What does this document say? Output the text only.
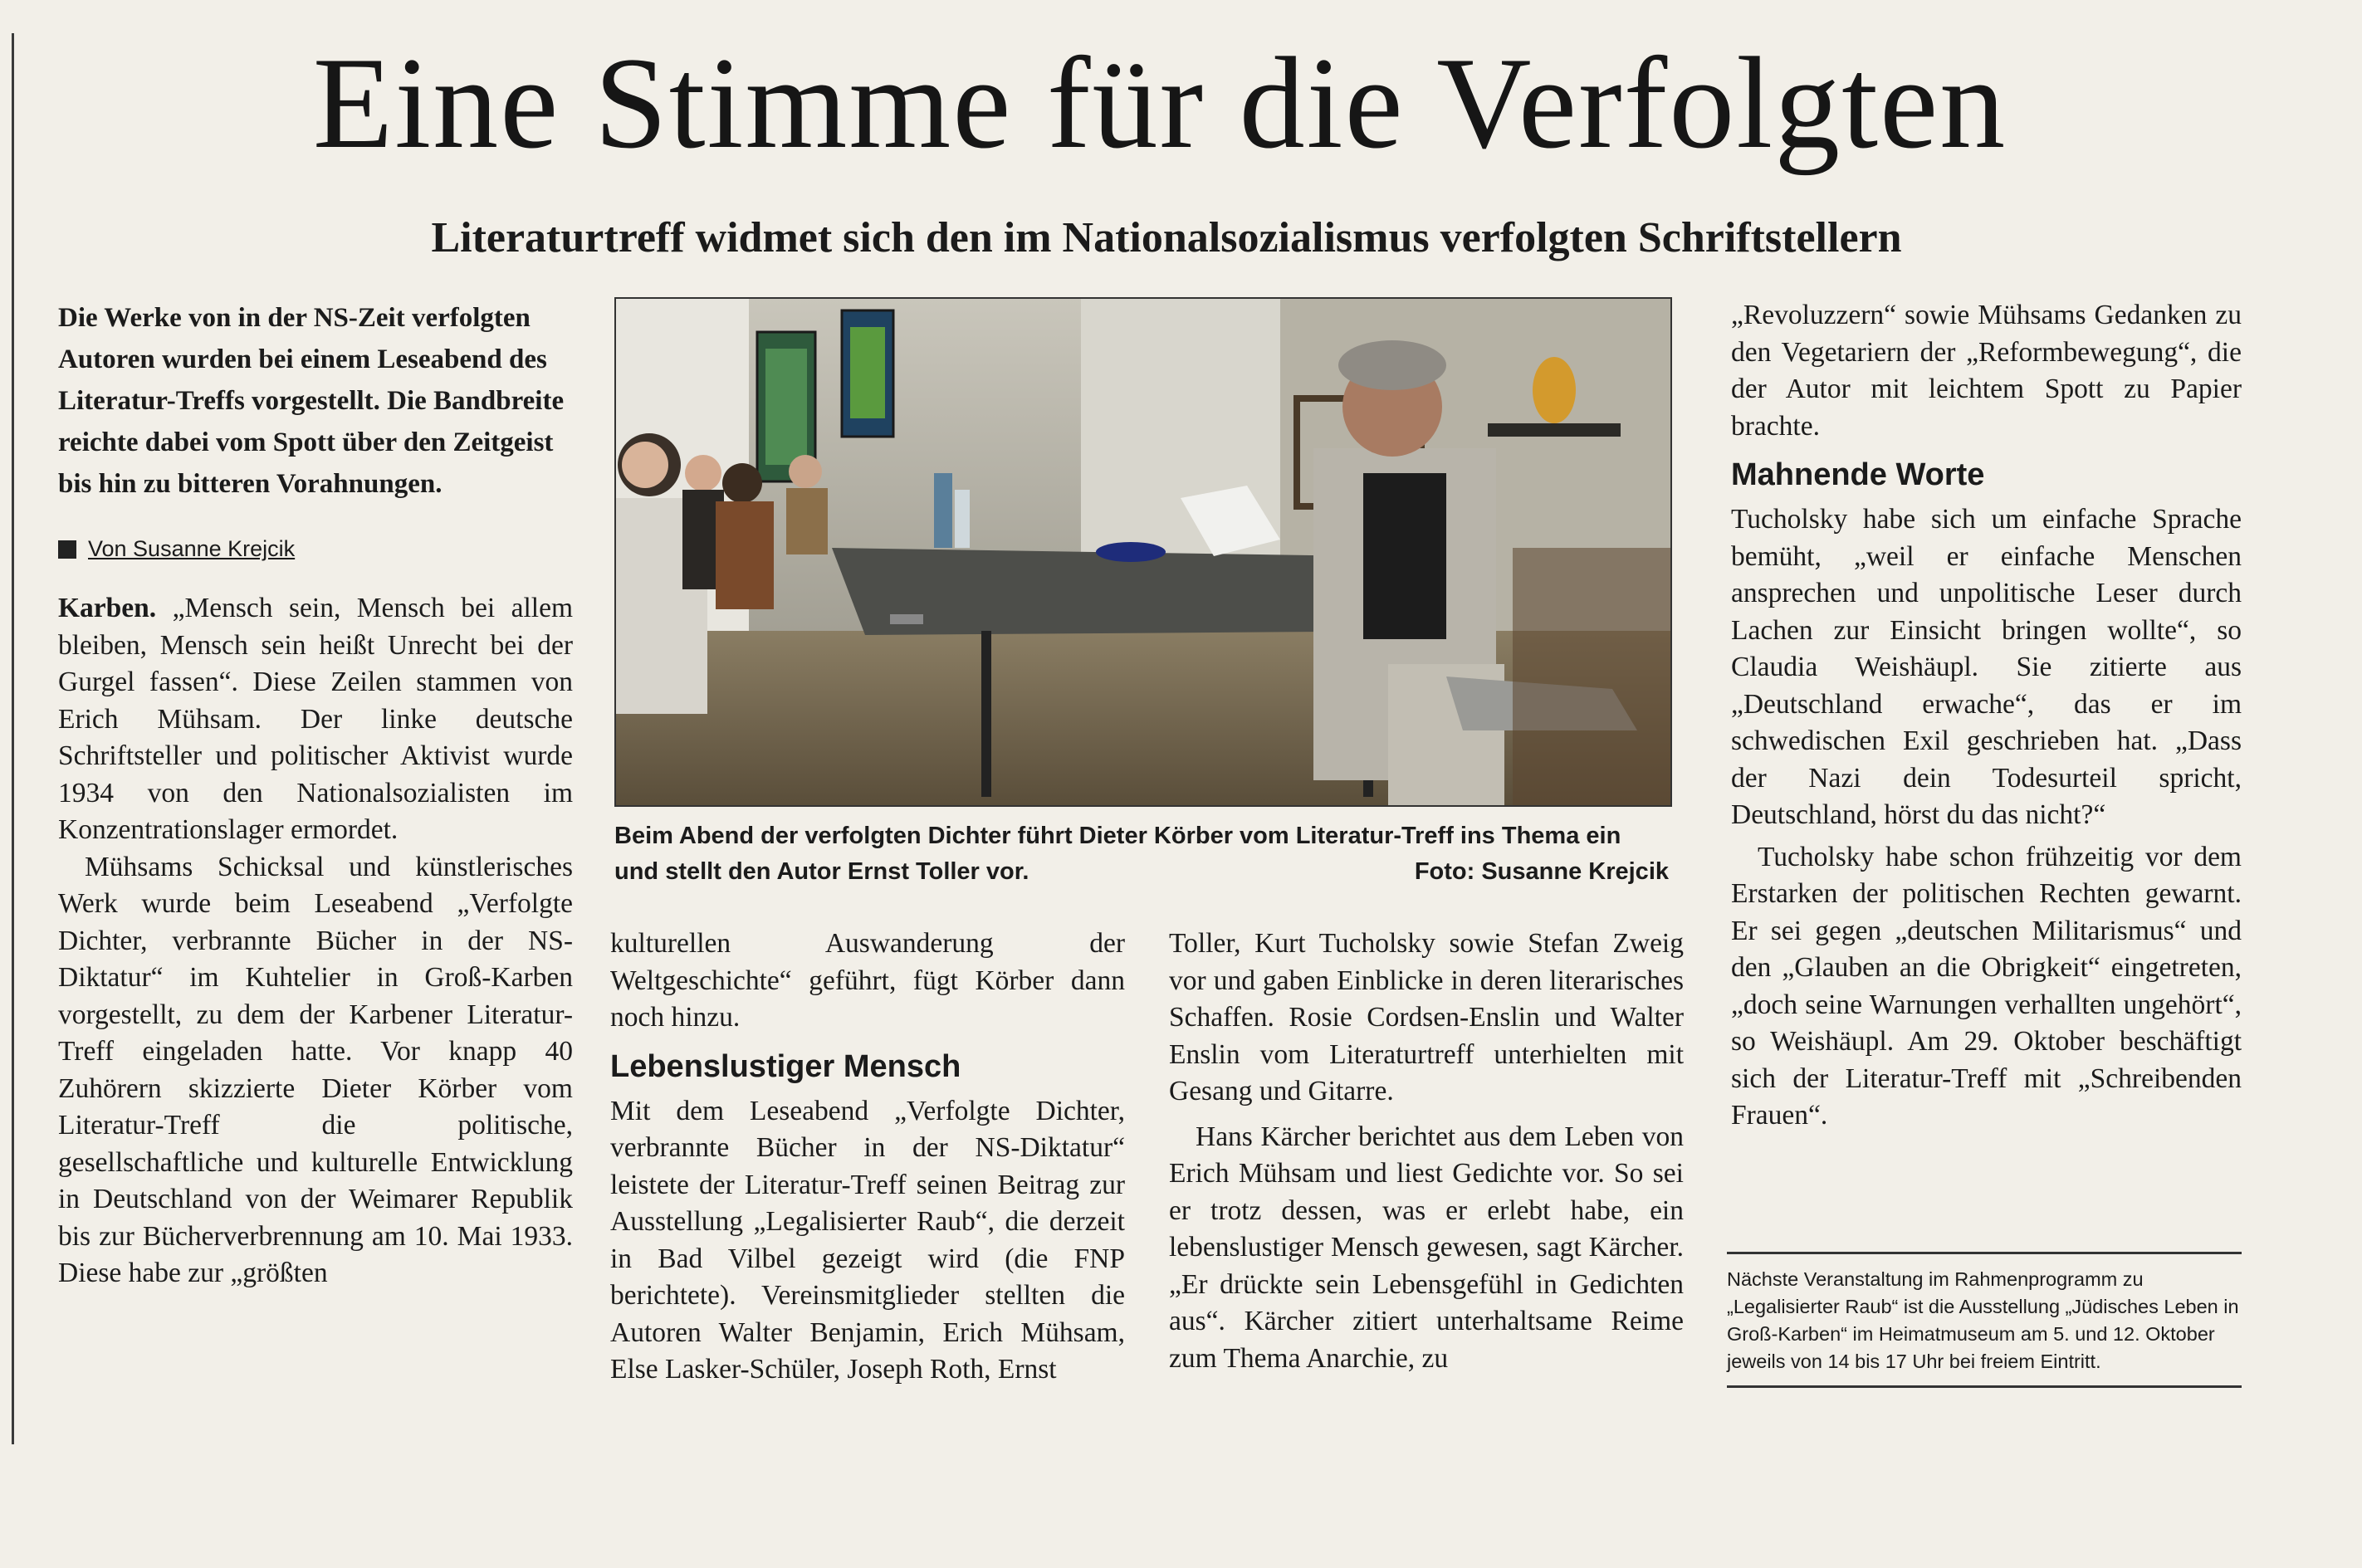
Eine Stimme für die Verfolgten
Literaturtreff widmet sich den im Nationalsozialismus verfolgten Schriftstellern

Die Werke von in der NS-Zeit verfolgten Autoren wurden bei einem Leseabend des Literatur-Treffs vorgestellt. Die Bandbreite reichte dabei vom Spott über den Zeitgeist bis hin zu bitteren Vorahnungen.

Von Susanne Krejcik

Karben. „Mensch sein, Mensch bei allem bleiben, Mensch sein heißt Unrecht bei der Gurgel fassen“. Diese Zeilen stammen von Erich Mühsam. Der linke deutsche Schriftsteller und politischer Aktivist wurde 1934 von den Nationalsozialisten im Konzentrationslager ermordet.

Mühsams Schicksal und künstlerisches Werk wurde beim Leseabend „Verfolgte Dichter, verbrannte Bücher in der NS-Diktatur“ im Kuhtelier in Groß-Karben vorgestellt, zu dem der Karbener Literatur-Treff eingeladen hatte. Vor knapp 40 Zuhörern skizzierte Dieter Körber vom Literatur-Treff die politische, gesellschaftliche und kulturelle Entwicklung in Deutschland von der Weimarer Republik bis zur Bücherverbrennung am 10. Mai 1933. Diese habe zur „größten

Beim Abend der verfolgten Dichter führt Dieter Körber vom Literatur-Treff ins Thema ein und stellt den Autor Ernst Toller vor.	Foto: Susanne Krejcik

kulturellen Auswanderung der Weltgeschichte“ geführt, fügt Körber dann noch hinzu.

Lebenslustiger Mensch

Mit dem Leseabend „Verfolgte Dichter, verbrannte Bücher in der NS-Diktatur“ leistete der Literatur-Treff seinen Beitrag zur Ausstellung „Legalisierter Raub“, die derzeit in Bad Vilbel gezeigt wird (die FNP berichtete). Vereinsmitglieder stellten die Autoren Walter Benjamin, Erich Mühsam, Else Lasker-Schüler, Joseph Roth, Ernst

Toller, Kurt Tucholsky sowie Stefan Zweig vor und gaben Einblicke in deren literarisches Schaffen. Rosie Cordsen-Enslin und Walter Enslin vom Literaturtreff unterhielten mit Gesang und Gitarre.

Hans Kärcher berichtet aus dem Leben von Erich Mühsam und liest Gedichte vor. So sei er trotz dessen, was er erlebt habe, ein lebenslustiger Mensch gewesen, sagt Kärcher. „Er drückte sein Lebensgefühl in Gedichten aus“. Kärcher zitiert unterhaltsame Reime zum Thema Anarchie, zu

„Revoluzzern“ sowie Mühsams Gedanken zu den Vegetariern der „Reformbewegung“, die der Autor mit leichtem Spott zu Papier brachte.

Mahnende Worte

Tucholsky habe sich um einfache Sprache bemüht, „weil er einfache Menschen ansprechen und unpolitische Leser durch Lachen zur Einsicht bringen wollte“, so Claudia Weishäupl. Sie zitierte aus „Deutschland erwache“, das er im schwedischen Exil geschrieben hat. „Dass der Nazi dein Todesurteil spricht, Deutschland, hörst du das nicht?“

Tucholsky habe schon frühzeitig vor dem Erstarken der politischen Rechten gewarnt. Er sei gegen „deutschen Militarismus“ und den „Glauben an die Obrigkeit“ eingetreten, „doch seine Warnungen verhallten ungehört“, so Weishäupl. Am 29. Oktober beschäftigt sich der Literatur-Treff mit „Schreibenden Frauen“.

Nächste Veranstaltung im Rahmenprogramm zu „Legalisierter Raub“ ist die Ausstellung „Jüdisches Leben in Groß-Karben“ im Heimatmuseum am 5. und 12. Oktober jeweils von 14 bis 17 Uhr bei freiem Eintritt.
